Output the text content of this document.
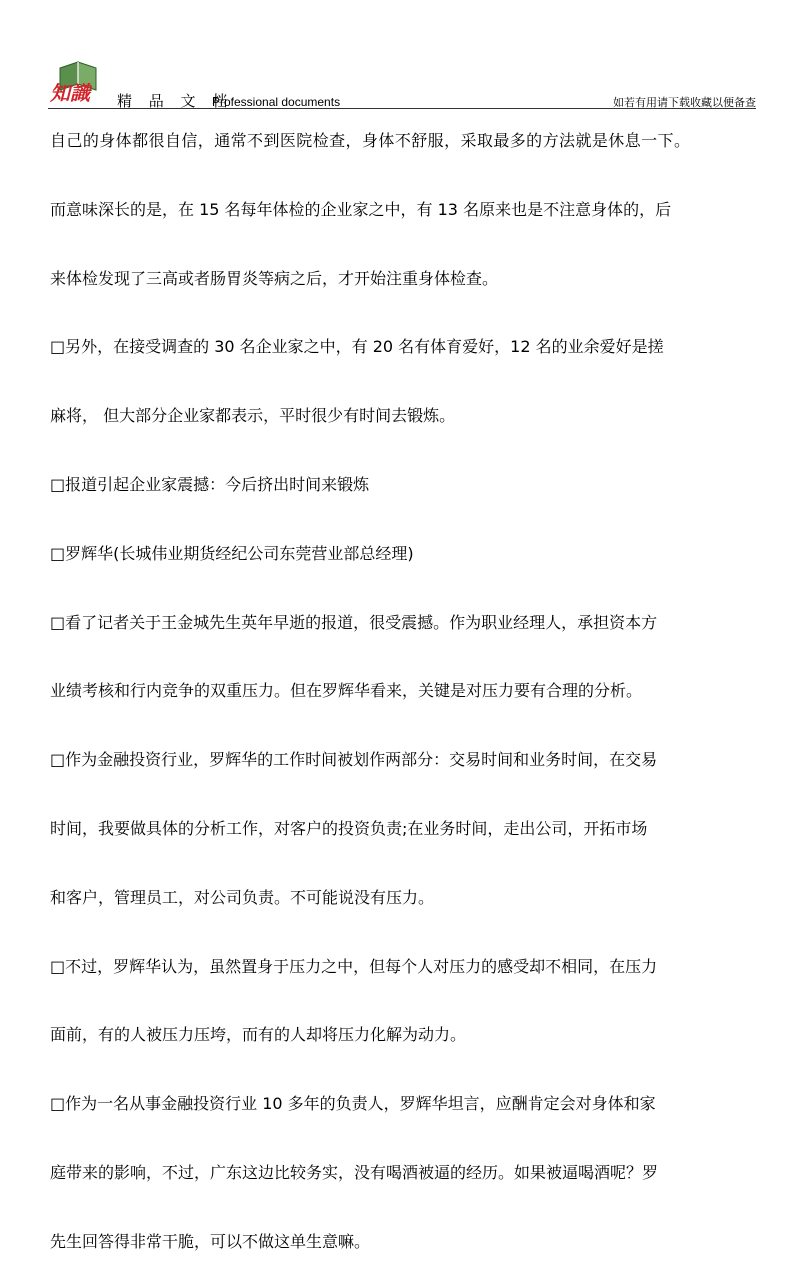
知識 精 品 文 档
Professional documents	如若有用请下载收藏以便备查
自己的身体都很自信，通常不到医院检查，身体不舒服，采取最多的方法就是休息一下。
而意味深长的是，在 15 名每年体检的企业家之中，有 13 名原来也是不注意身体的，后
来体检发现了三高或者肠胃炎等病之后，才开始注重身体检查。
□另外，在接受调查的 30 名企业家之中，有 20 名有体育爱好，12 名的业余爱好是搓
麻将， 但大部分企业家都表示，平时很少有时间去锻炼。
□报道引起企业家震撼：今后挤出时间来锻炼
□罗辉华(长城伟业期货经纪公司东莞营业部总经理)
□看了记者关于王金城先生英年早逝的报道，很受震撼。作为职业经理人，承担资本方
业绩考核和行内竞争的双重压力。但在罗辉华看来，关键是对压力要有合理的分析。
□作为金融投资行业，罗辉华的工作时间被划作两部分：交易时间和业务时间，在交易
时间，我要做具体的分析工作，对客户的投资负责;在业务时间，走出公司，开拓市场
和客户，管理员工，对公司负责。不可能说没有压力。
□不过，罗辉华认为，虽然置身于压力之中，但每个人对压力的感受却不相同，在压力
面前，有的人被压力压垮，而有的人却将压力化解为动力。
□作为一名从事金融投资行业 10 多年的负责人，罗辉华坦言，应酬肯定会对身体和家
庭带来的影响，不过，广东这边比较务实，没有喝酒被逼的经历。如果被逼喝酒呢？罗
先生回答得非常干脆，可以不做这单生意嘛。
